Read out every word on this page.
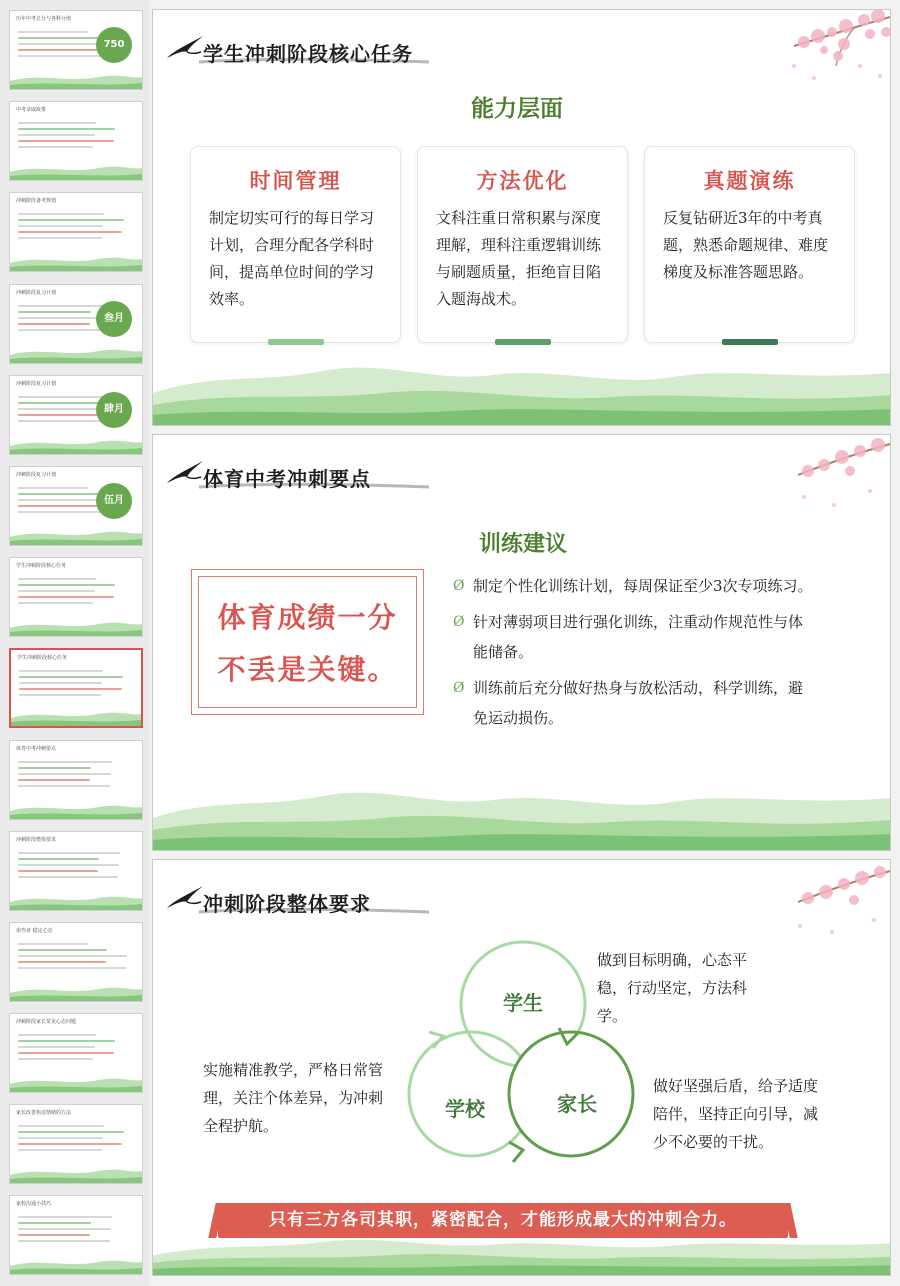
历年中考总分与各科分值
750
中考录取政策
冲刺阶段备考规划
冲刺阶段复习计划
叁月
冲刺阶段复习计划
肆月
冲刺阶段复习计划
伍月
学生冲刺阶段核心任务
学生冲刺阶段核心任务
体育中考冲刺要点
冲刺阶段整体要求
第叁章 稳定心态
冲刺阶段家长常见心态问题
家长改善焦虑情绪的方法
家校沟通小技巧
学生冲刺阶段核心任务
能力层面
时间管理
制定切实可行的每日学习计划，合理分配各学科时间，提高单位时间的学习效率。
方法优化
文科注重日常积累与深度理解，理科注重逻辑训练与刷题质量，拒绝盲目陷入题海战术。
真题演练
反复钻研近3年的中考真题，熟悉命题规律、难度梯度及标准答题思路。
体育中考冲刺要点
训练建议
体育成绩一分
不丢是关键。
Ø 制定个性化训练计划，每周保证至少3次专项练习。
Ø 针对薄弱项目进行强化训练，注重动作规范性与体能储备。
Ø 训练前后充分做好热身与放松活动，科学训练，避免运动损伤。
冲刺阶段整体要求
学生
学校	家长
做到目标明确，心态平稳，行动坚定，方法科学。
实施精准教学，严格日常管理，关注个体差异，为冲刺全程护航。
做好坚强后盾，给予适度陪伴，坚持正向引导，减少不必要的干扰。
只有三方各司其职，紧密配合，才能形成最大的冲刺合力。
